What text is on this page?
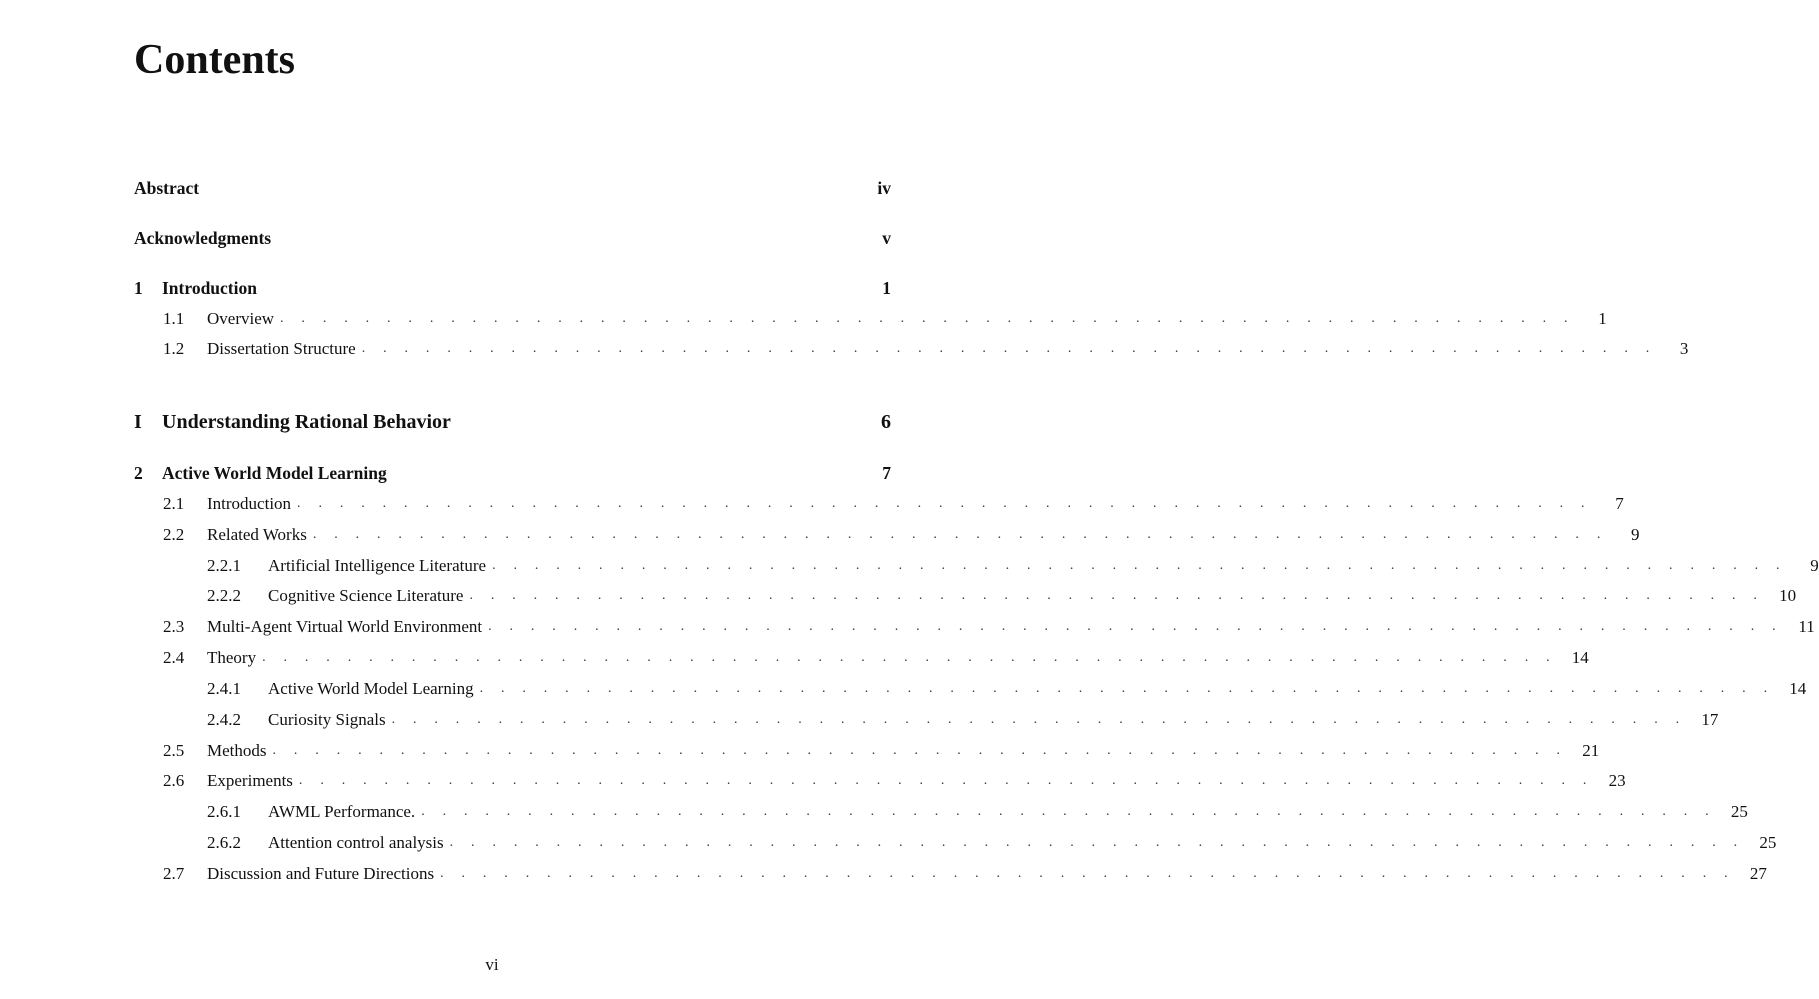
Contents
Abstract	iv
Acknowledgments	v
1	Introduction	1
1.1	Overview . . . . . . . . . . . . . . . . . . . . . . . . . . . . . . . . . . . . . . . . . . . . . . . . . . . . . . . . . . . . .	1
1.2	Dissertation Structure . . . . . . . . . . . . . . . . . . . . . . . . . . . . . . . . . . . . . . . . . . . . . . . . . . . . . . . . . . . . .	3
I	Understanding Rational Behavior	6
2	Active World Model Learning	7
2.1	Introduction . . . . . . . . . . . . . . . . . . . . . . . . . . . . . . . . . . . . . . . . . . . . . . . . . . . . . . . . . . . . .	7
2.2	Related Works . . . . . . . . . . . . . . . . . . . . . . . . . . . . . . . . . . . . . . . . . . . . . . . . . . . . . . . . . . . . .	9
2.2.1	Artificial Intelligence Literature . . . . . . . . . . . . . . . . . . . . . . . . . . . . . . . . . . . . . . . . . . . . . . . . . . . . . . . . . . . . .	9
2.2.2	Cognitive Science Literature . . . . . . . . . . . . . . . . . . . . . . . . . . . . . . . . . . . . . . . . . . . . . . . . . . . . . . . . . . . . . 10
2.3	Multi-Agent Virtual World Environment . . . . . . . . . . . . . . . . . . . . . . . . . . . . . . . . . . . . . . . . . . . . . . . . . . . . . . . . . . . . . 11
2.4	Theory . . . . . . . . . . . . . . . . . . . . . . . . . . . . . . . . . . . . . . . . . . . . . . . . . . . . . . . . . . . . . 14
2.4.1	Active World Model Learning . . . . . . . . . . . . . . . . . . . . . . . . . . . . . . . . . . . . . . . . . . . . . . . . . . . . . . . . . . . . . 14
2.4.2	Curiosity Signals . . . . . . . . . . . . . . . . . . . . . . . . . . . . . . . . . . . . . . . . . . . . . . . . . . . . . . . . . . . . . 17
2.5	Methods . . . . . . . . . . . . . . . . . . . . . . . . . . . . . . . . . . . . . . . . . . . . . . . . . . . . . . . . . . . . . 21
2.6	Experiments . . . . . . . . . . . . . . . . . . . . . . . . . . . . . . . . . . . . . . . . . . . . . . . . . . . . . . . . . . . . . 23
2.6.1	AWML Performance. . . . . . . . . . . . . . . . . . . . . . . . . . . . . . . . . . . . . . . . . . . . . . . . . . . . . . . . . . . . . . 25
2.6.2	Attention control analysis . . . . . . . . . . . . . . . . . . . . . . . . . . . . . . . . . . . . . . . . . . . . . . . . . . . . . . . . . . . . . 25
2.7	Discussion and Future Directions . . . . . . . . . . . . . . . . . . . . . . . . . . . . . . . . . . . . . . . . . . . . . . . . . . . . . . . . . . . . . 27
vi
